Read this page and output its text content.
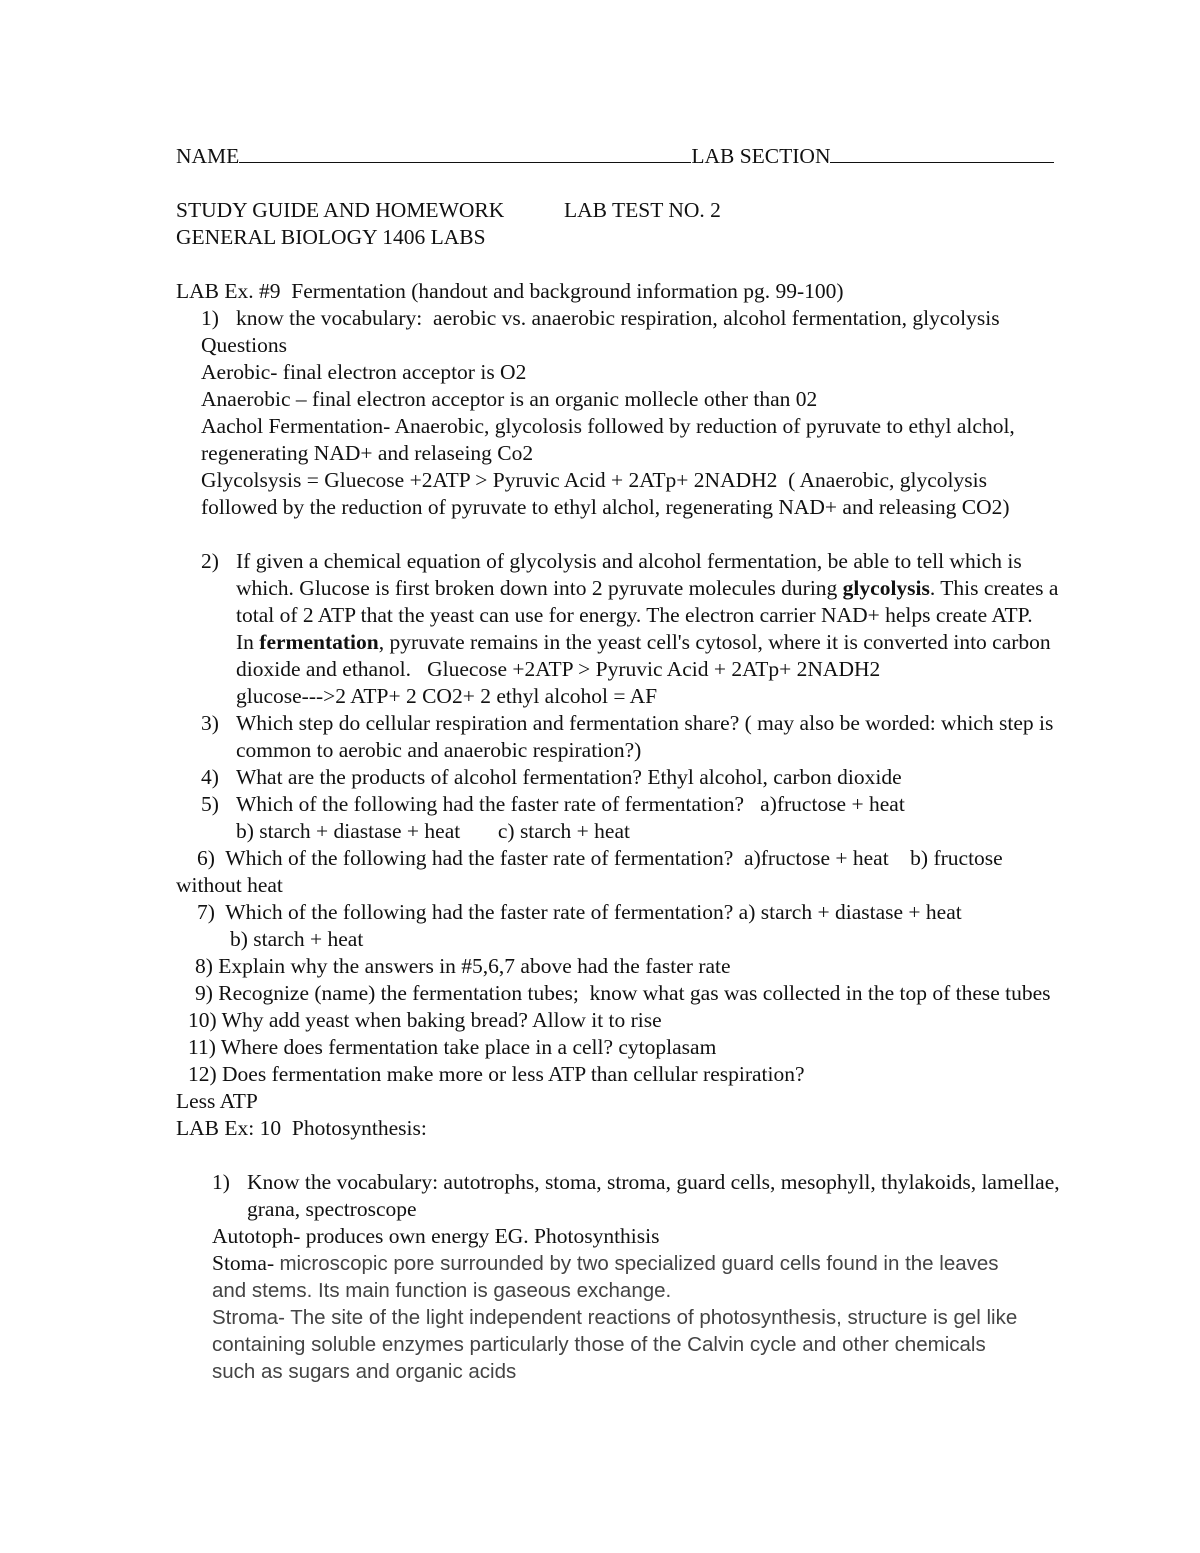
NAME	LAB SECTION
STUDY GUIDE AND HOMEWORK	LAB TEST NO. 2
GENERAL BIOLOGY 1406 LABS
LAB Ex. #9  Fermentation (handout and background information pg. 99-100)
1) know the vocabulary:  aerobic vs. anaerobic respiration, alcohol fermentation, glycolysis
Questions
Aerobic- final electron acceptor is O2
Anaerobic – final electron acceptor is an organic mollecle other than 02
Aachol Fermentation- Anaerobic, glycolosis followed by reduction of pyruvate to ethyl alchol,
regenerating NAD+ and relaseing Co2
Glycolsysis = Gluecose +2ATP > Pyruvic Acid + 2ATp+ 2NADH2  ( Anaerobic, glycolysis
followed by the reduction of pyruvate to ethyl alchol, regenerating NAD+ and releasing CO2)
2) If given a chemical equation of glycolysis and alcohol fermentation, be able to tell which is
which. Glucose is first broken down into 2 pyruvate molecules during glycolysis. This creates a
total of 2 ATP that the yeast can use for energy. The electron carrier NAD+ helps create ATP.
In fermentation, pyruvate remains in the yeast cell's cytosol, where it is converted into carbon
dioxide and ethanol.   Gluecose +2ATP > Pyruvic Acid + 2ATp+ 2NADH2
glucose--->2 ATP+ 2 CO2+ 2 ethyl alcohol = AF
3) Which step do cellular respiration and fermentation share? ( may also be worded: which step is
common to aerobic and anaerobic respiration?)
4) What are the products of alcohol fermentation? Ethyl alcohol, carbon dioxide
5) Which of the following had the faster rate of fermentation?   a)fructose + heat
b) starch + diastase + heat       c) starch + heat
6)  Which of the following had the faster rate of fermentation?  a)fructose + heat    b) fructose
without heat
7)  Which of the following had the faster rate of fermentation? a) starch + diastase + heat
b) starch + heat
8) Explain why the answers in #5,6,7 above had the faster rate
9) Recognize (name) the fermentation tubes;  know what gas was collected in the top of these tubes
10) Why add yeast when baking bread? Allow it to rise
11) Where does fermentation take place in a cell? cytoplasam
12) Does fermentation make more or less ATP than cellular respiration?
Less ATP
LAB Ex: 10  Photosynthesis:
1) Know the vocabulary: autotrophs, stoma, stroma, guard cells, mesophyll, thylakoids, lamellae,
grana, spectroscope
Autotoph- produces own energy EG. Photosynthisis
Stoma- microscopic pore surrounded by two specialized guard cells found in the leaves
and stems. Its main function is gaseous exchange.
Stroma- The site of the light independent reactions of photosynthesis, structure is gel like
containing soluble enzymes particularly those of the Calvin cycle and other chemicals
such as sugars and organic acids
